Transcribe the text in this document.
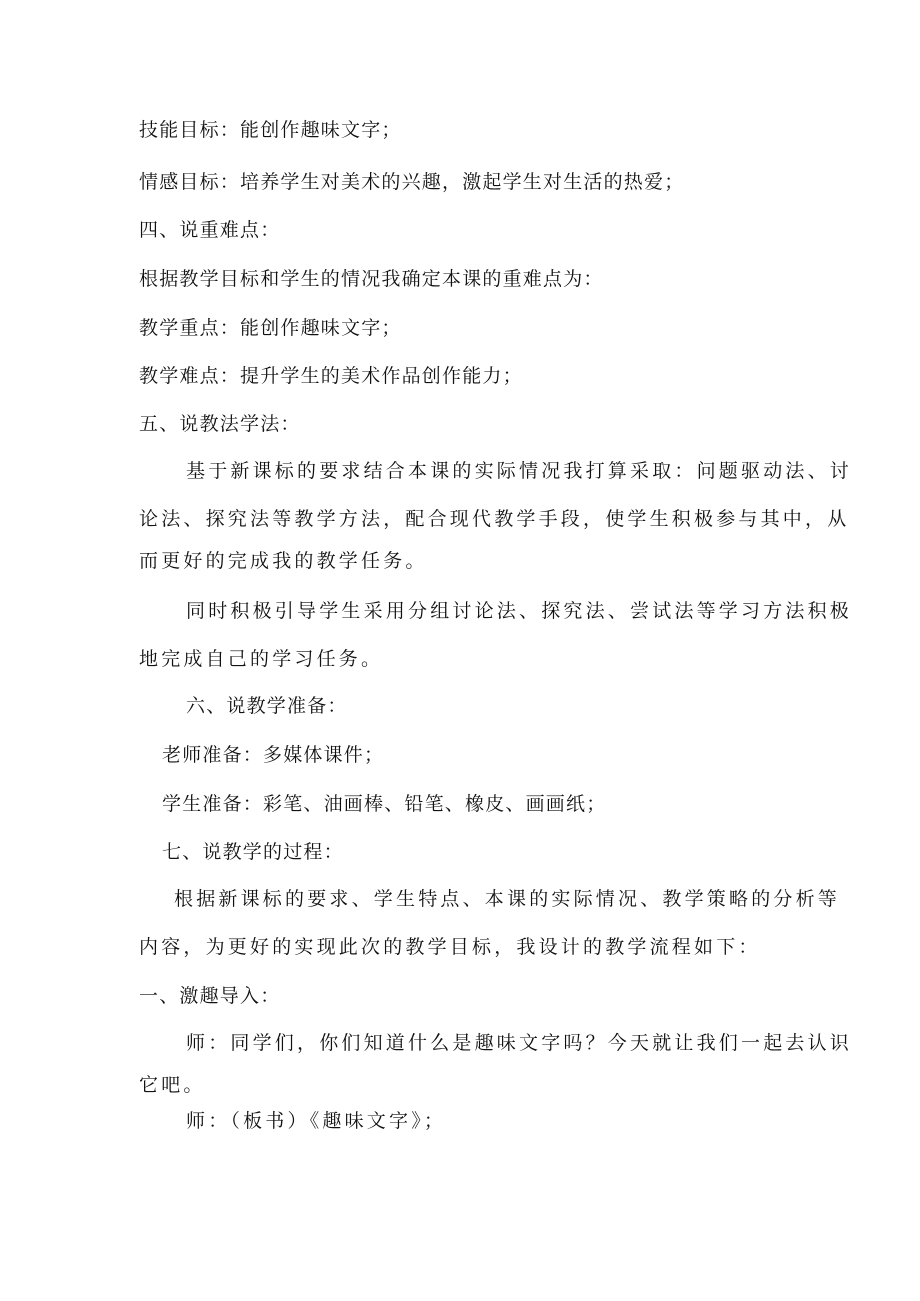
技能目标：能创作趣味文字；
情感目标：培养学生对美术的兴趣，激起学生对生活的热爱；
四、说重难点：
根据教学目标和学生的情况我确定本课的重难点为：
教学重点：能创作趣味文字；
教学难点：提升学生的美术作品创作能力；
五、说教法学法：
基于新课标的要求结合本课的实际情况我打算采取：问题驱动法、讨
论法、探究法等教学方法，配合现代教学手段，使学生积极参与其中，从
而更好的完成我的教学任务。
同时积极引导学生采用分组讨论法、探究法、尝试法等学习方法积极
地完成自己的学习任务。
六、说教学准备：
老师准备：多媒体课件；
学生准备：彩笔、油画棒、铅笔、橡皮、画画纸；
七、说教学的过程：
根据新课标的要求、学生特点、本课的实际情况、教学策略的分析等
内容，为更好的实现此次的教学目标，我设计的教学流程如下：
一、激趣导入：
师：同学们，你们知道什么是趣味文字吗？今天就让我们一起去认识
它吧。
师：（板书）《趣味文字》；
